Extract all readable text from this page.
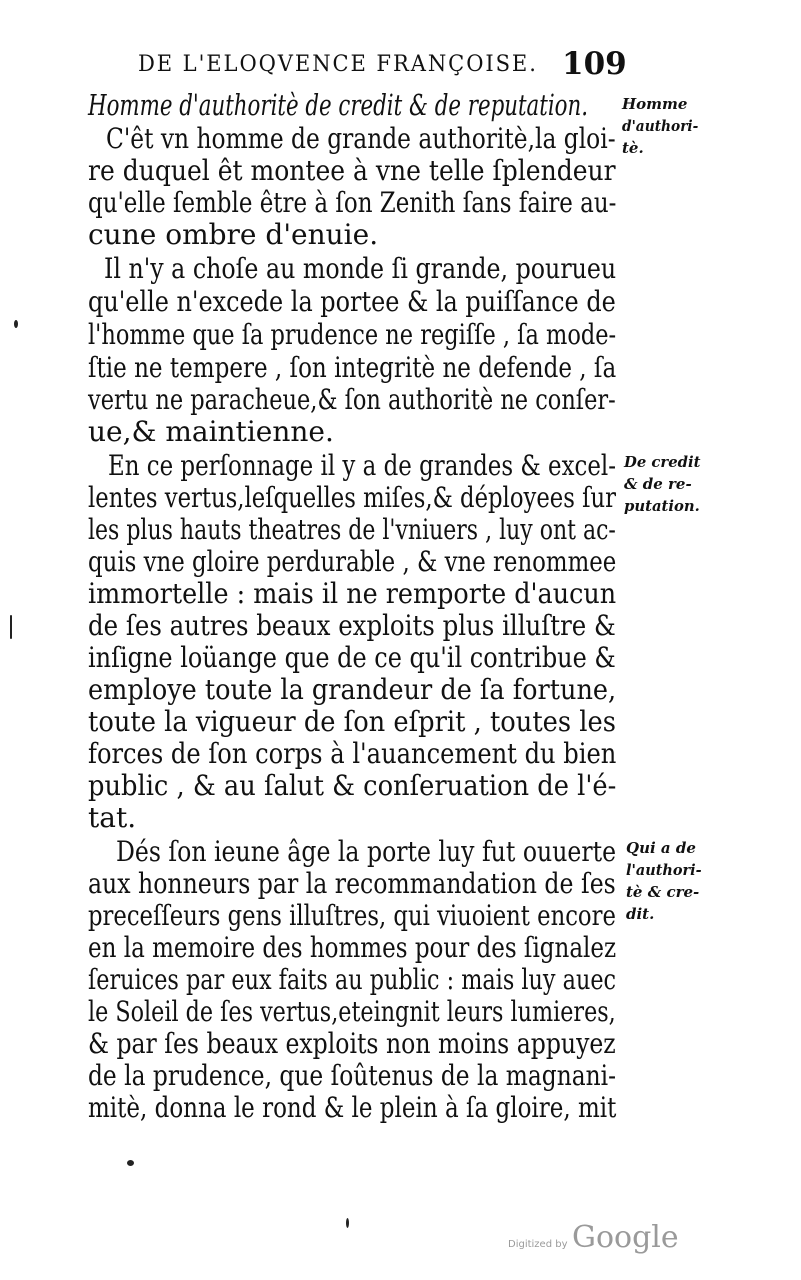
DE L'ELOQVENCE FRANÇOISE. 109
Homme d'authoritè de credit & de reputation.
C'êt vn homme de grande authoritè,la gloi-
re duquel êt montee à vne telle ſplendeur
qu'elle ſemble être à ſon Zenith ſans faire au-
cune ombre d'enuie.
Il n'y a choſe au monde ſi grande, pourueu
qu'elle n'excede la portee & la puiſſance de
l'homme que ſa prudence ne regiſſe , ſa mode-
ſtie ne tempere , ſon integritè ne defende , ſa
vertu ne paracheue,& ſon authoritè ne conſer-
ue,& maintienne.
En ce perſonnage il y a de grandes & excel-
lentes vertus,leſquelles miſes,& déployees ſur
les plus hauts theatres de l'vniuers , luy ont ac-
quis vne gloire perdurable , & vne renommee
immortelle : mais il ne remporte d'aucun
de ſes autres beaux exploits plus illuſtre &
inſigne loüange que de ce qu'il contribue &
employe toute la grandeur de ſa fortune,
toute la vigueur de ſon eſprit , toutes les
forces de ſon corps à l'auancement du bien
public , & au ſalut & conſeruation de l'é-
tat.
Dés ſon ieune âge la porte luy fut ouuerte
aux honneurs par la recommandation de ſes
preceſſeurs gens illuſtres, qui viuoient encore
en la memoire des hommes pour des ſignalez
ſeruices par eux faits au public : mais luy auec
le Soleil de ſes vertus,eteingnit leurs lumieres,
& par ſes beaux exploits non moins appuyez
de la prudence, que ſoûtenus de la magnani-
mitè, donna le rond & le plein à ſa gloire, mit
Homme
d'authori-
tè.
De credit
& de re-
putation.
Qui a de
l'authori-
tè & cre-
dit.
Digitized by Google
